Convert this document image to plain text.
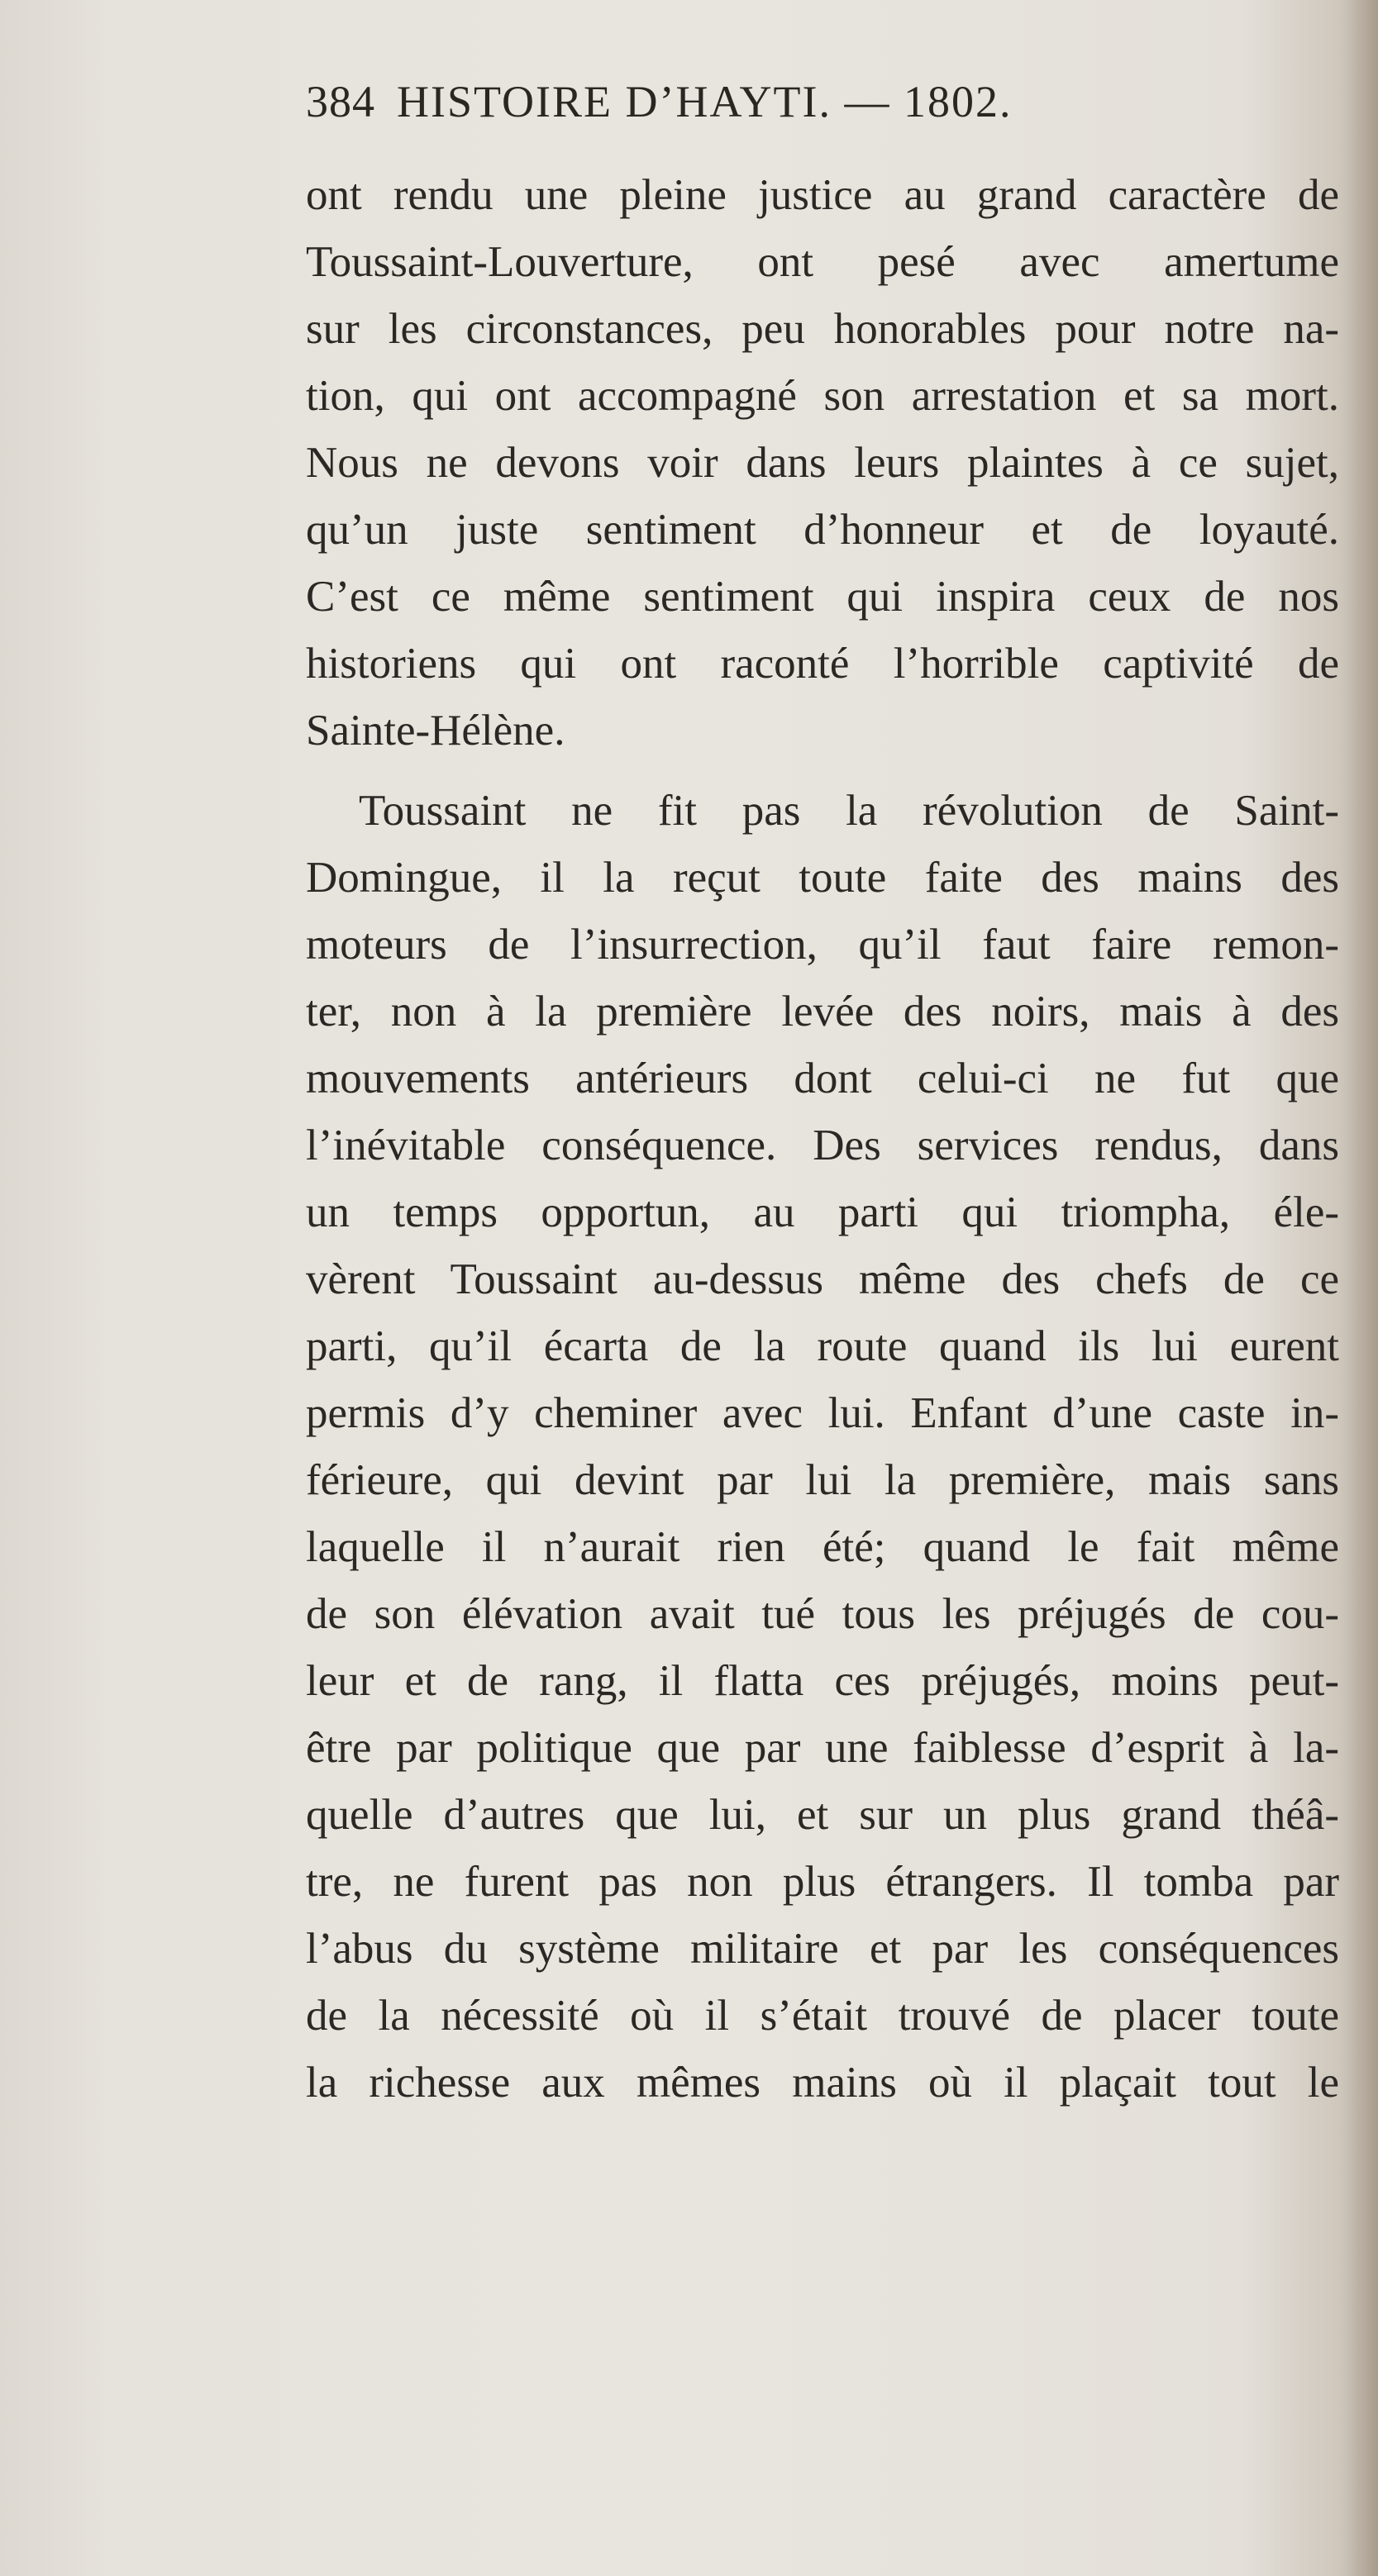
384 HISTOIRE D’HAYTI. — 1802.
ont rendu une pleine justice au grand caractère de
Toussaint-Louverture, ont pesé avec amertume
sur les circonstances, peu honorables pour notre na-
tion, qui ont accompagné son arrestation et sa mort.
Nous ne devons voir dans leurs plaintes à ce sujet,
qu’un juste sentiment d’honneur et de loyauté.
C’est ce même sentiment qui inspira ceux de nos
historiens qui ont raconté l’horrible captivité de
Sainte-Hélène.
Toussaint ne fit pas la révolution de Saint-
Domingue, il la reçut toute faite des mains des
moteurs de l’insurrection, qu’il faut faire remon-
ter, non à la première levée des noirs, mais à des
mouvements antérieurs dont celui-ci ne fut que
l’inévitable conséquence. Des services rendus, dans
un temps opportun, au parti qui triompha, éle-
vèrent Toussaint au-dessus même des chefs de ce
parti, qu’il écarta de la route quand ils lui eurent
permis d’y cheminer avec lui. Enfant d’une caste in-
férieure, qui devint par lui la première, mais sans
laquelle il n’aurait rien été; quand le fait même
de son élévation avait tué tous les préjugés de cou-
leur et de rang, il flatta ces préjugés, moins peut-
être par politique que par une faiblesse d’esprit à la-
quelle d’autres que lui, et sur un plus grand théâ-
tre, ne furent pas non plus étrangers. Il tomba par
l’abus du système militaire et par les conséquences
de la nécessité où il s’était trouvé de placer toute
la richesse aux mêmes mains où il plaçait tout le
